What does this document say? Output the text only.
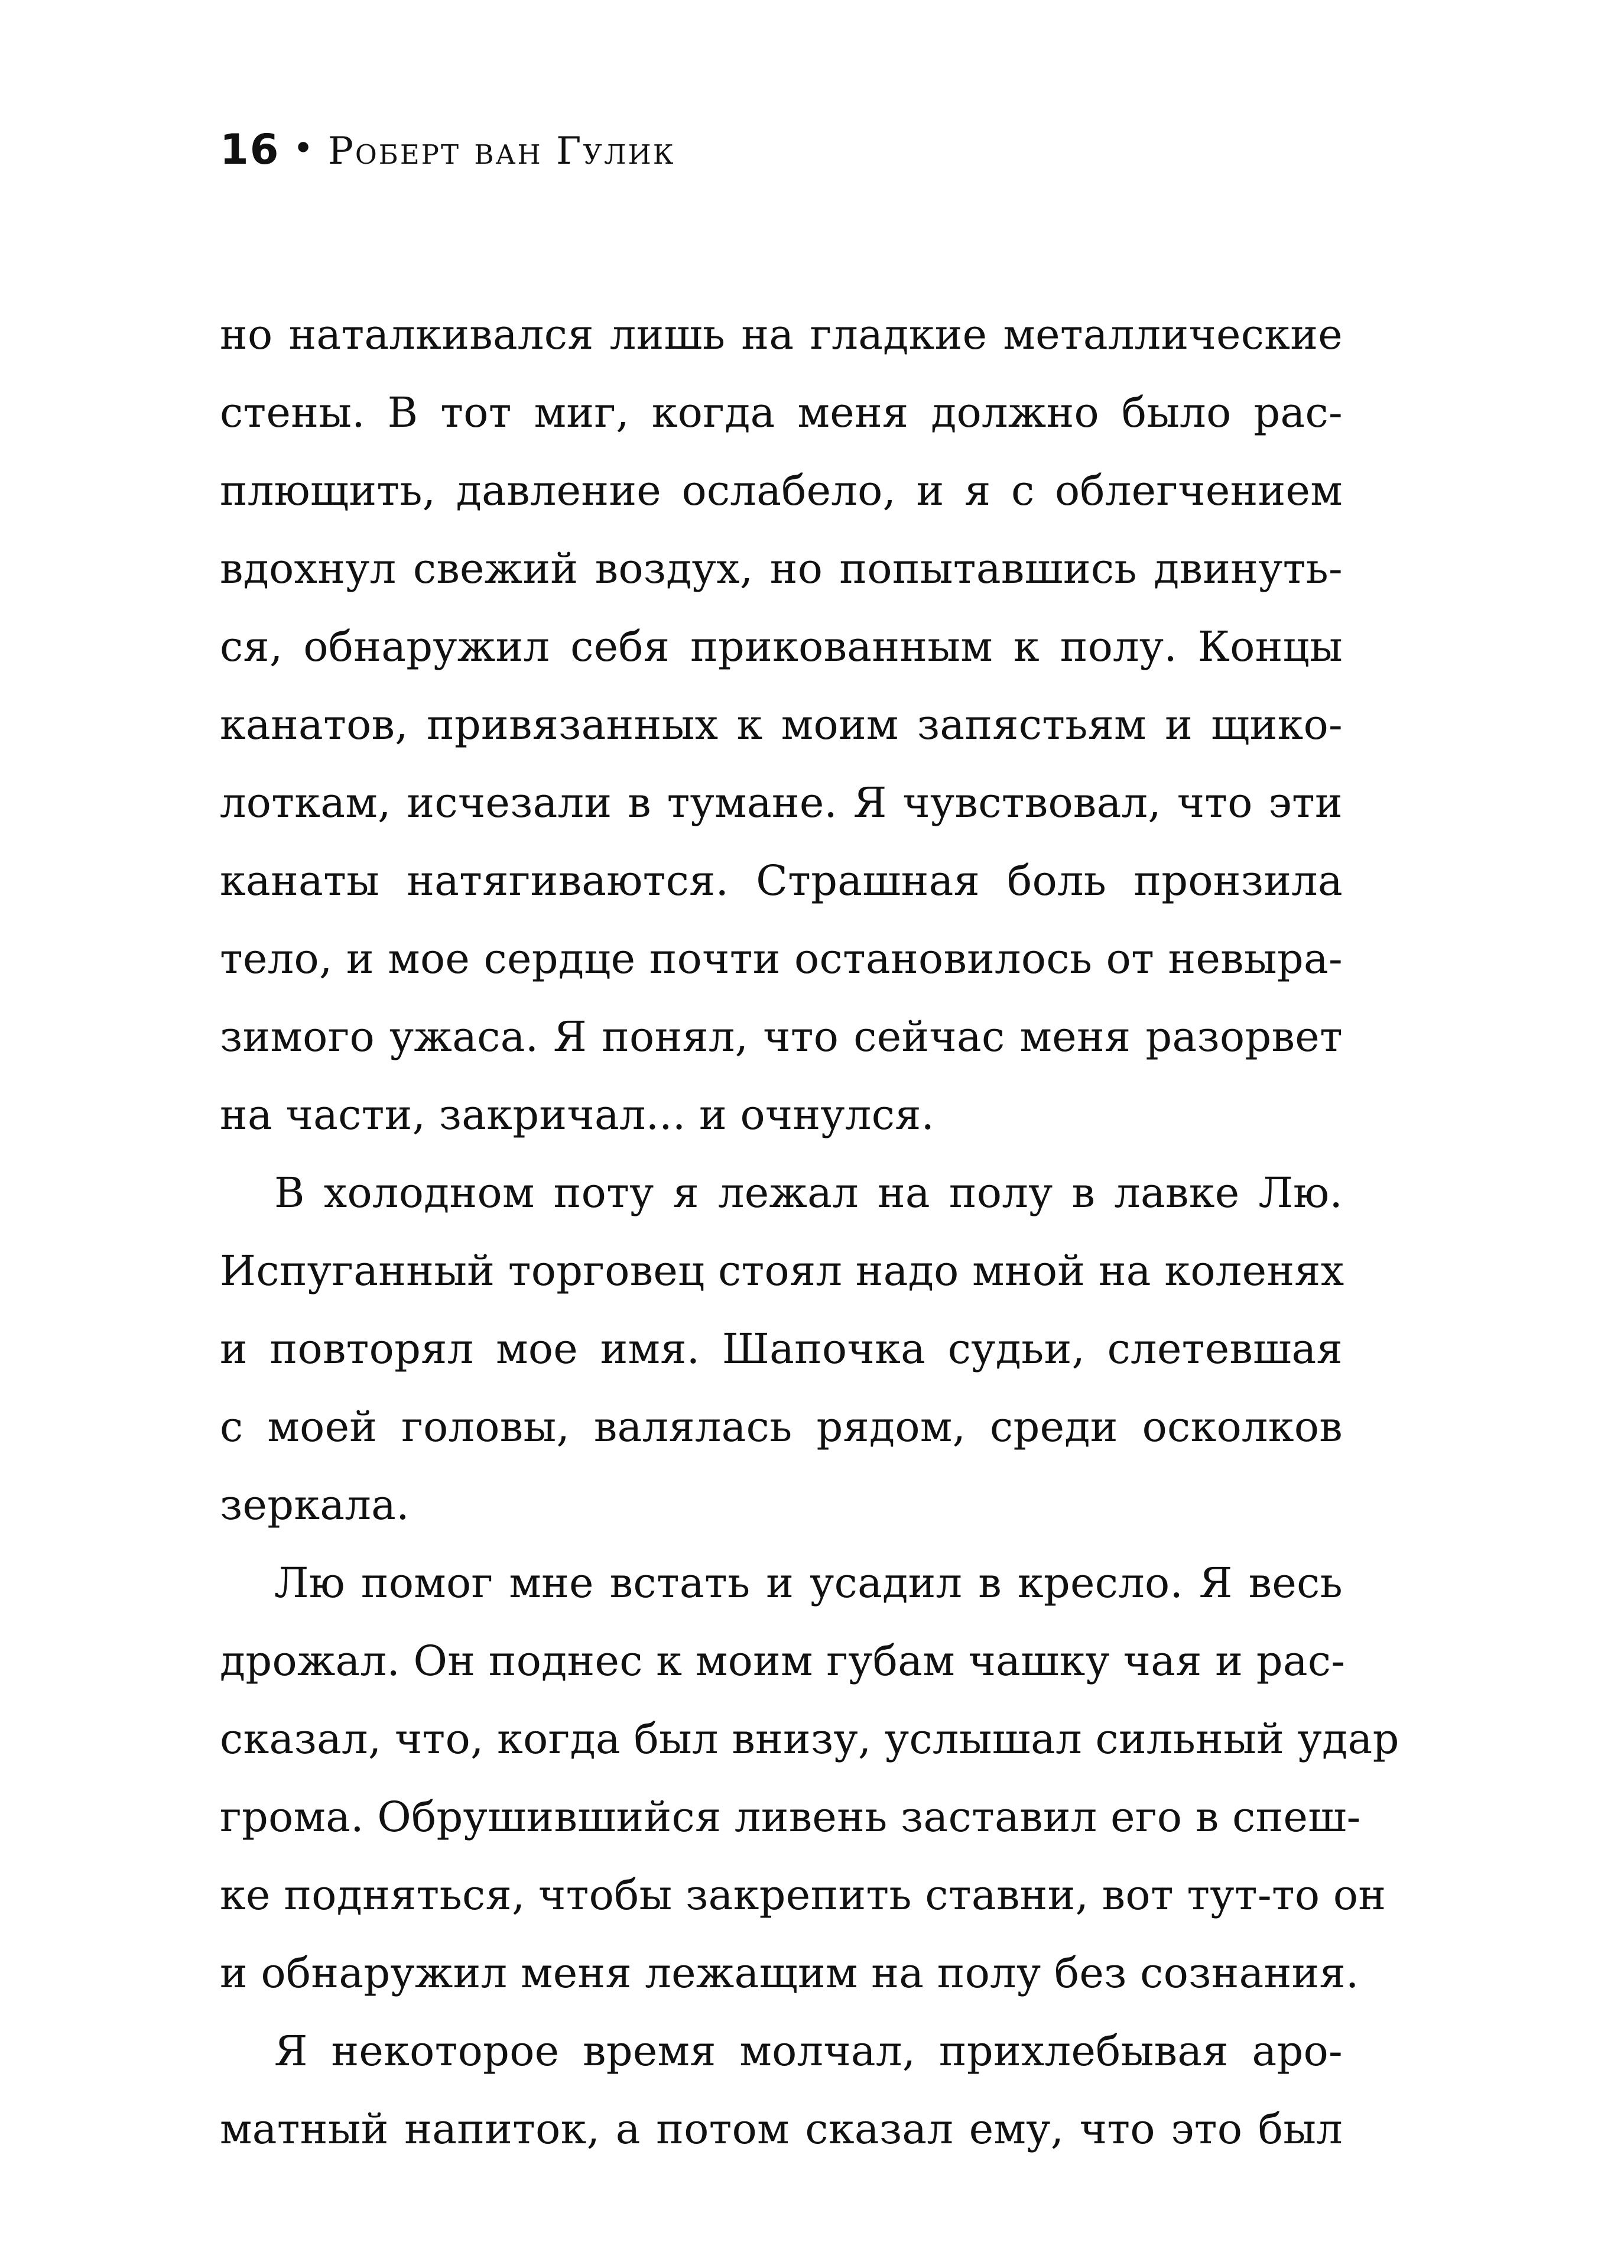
16 • Роберт ван Гулик
но наталкивался лишь на гладкие металлические
стены. В тот миг, когда меня должно было рас-
плющить, давление ослабело, и я с облегчением
вдохнул свежий воздух, но попытавшись двинуть-
ся, обнаружил себя прикованным к полу. Концы
канатов, привязанных к моим запястьям и щико-
лоткам, исчезали в тумане. Я чувствовал, что эти
канаты натягиваются. Страшная боль пронзила
тело, и мое сердце почти остановилось от невыра-
зимого ужаса. Я понял, что сейчас меня разорвет
на части, закричал... и очнулся.
В холодном поту я лежал на полу в лавке Лю.
Испуганный торговец стоял надо мной на коленях
и повторял мое имя. Шапочка судьи, слетевшая
с моей головы, валялась рядом, среди осколков
зеркала.
Лю помог мне встать и усадил в кресло. Я весь
дрожал. Он поднес к моим губам чашку чая и рас-
сказал, что, когда был внизу, услышал сильный удар
грома. Обрушившийся ливень заставил его в спеш-
ке подняться, чтобы закрепить ставни, вот тут-то он
и обнаружил меня лежащим на полу без сознания.
Я некоторое время молчал, прихлебывая аро-
матный напиток, а потом сказал ему, что это был
